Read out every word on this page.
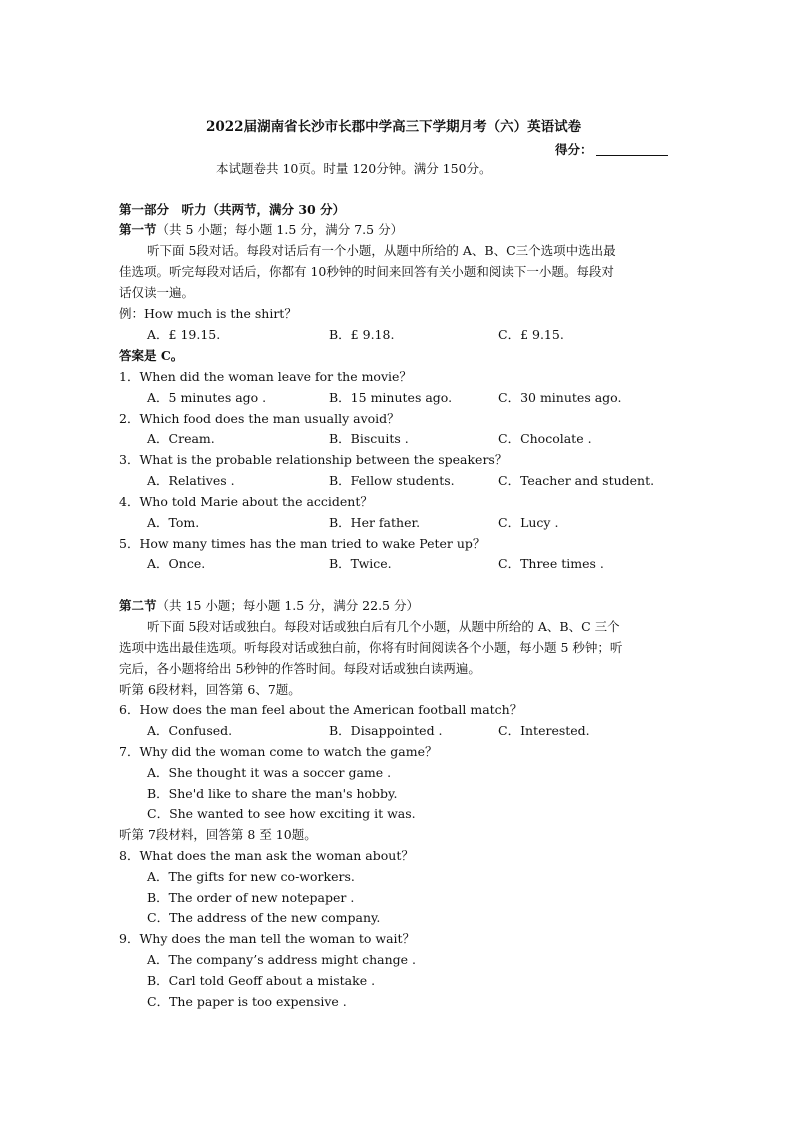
2022届湖南省长沙市长郡中学高三下学期月考（六）英语试卷
得分：
本试题卷共 10页。时量 120分钟。满分 150分。
第一部分　听力（共两节，满分 30 分）
第一节（共 5 小题；每小题 1.5 分，满分 7.5 分）
听下面 5段对话。每段对话后有一个小题，从题中所给的 A、B、C三个选项中选出最
佳选项。听完每段对话后，你都有 10秒钟的时间来回答有关小题和阅读下一小题。每段对
话仅读一遍。
例：How much is the shirt？
A．£ 19.15.	B．£ 9.18.	C．£ 9.15.
答案是 C。
1．When did the woman leave for the movie？
A．5 minutes ago .	B．15 minutes ago.	C．30 minutes ago.
2．Which food does the man usually avoid？
A．Cream.	B．Biscuits .	C．Chocolate .
3．What is the probable relationship between the speakers？
A．Relatives .	B．Fellow students.	C．Teacher and student.
4．Who told Marie about the accident？
A．Tom.	B．Her father.	C．Lucy .
5．How many times has the man tried to wake Peter up？
A．Once.	B．Twice.	C．Three times .
第二节（共 15 小题；每小题 1.5 分，满分 22.5 分）
听下面 5段对话或独白。每段对话或独白后有几个小题，从题中所给的 A、B、C 三个
选项中选出最佳选项。听每段对话或独白前，你将有时间阅读各个小题，每小题 5 秒钟；听
完后，各小题将给出 5秒钟的作答时间。每段对话或独白读两遍。
听第 6段材料，回答第 6、7题。
6．How does the man feel about the American football match？
A．Confused.	B．Disappointed .	C．Interested.
7．Why did the woman come to watch the game？
A．She thought it was a soccer game .
B．She'd like to share the man's hobby.
C．She wanted to see how exciting it was.
听第 7段材料，回答第 8 至 10题。
8．What does the man ask the woman about？
A．The gifts for new co-workers.
B．The order of new notepaper .
C．The address of the new company.
9．Why does the man tell the woman to wait？
A．The company’s address might change .
B．Carl told Geoff about a mistake .
C．The paper is too expensive .
